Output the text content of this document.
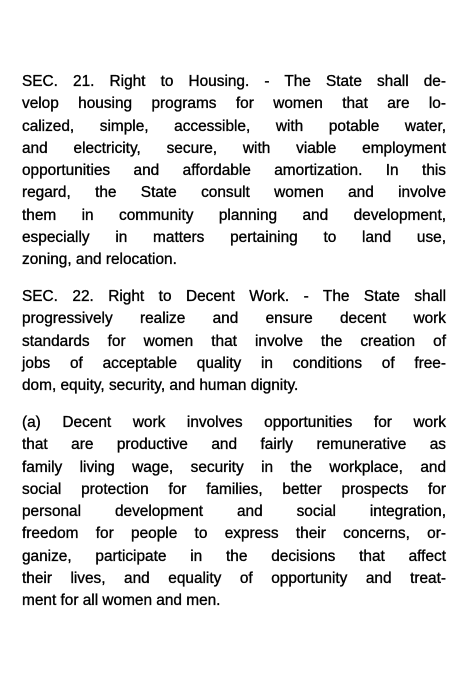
SEC. 21. Right to Housing. - The State shall de-
velop housing programs for women that are lo-
calized, simple, accessible, with potable water,
and electricity, secure, with viable employment
opportunities and affordable amortization. In this
regard, the State consult women and involve
them in community planning and development,
especially in matters pertaining to land use,
zoning, and relocation.
SEC. 22. Right to Decent Work. - The State shall
progressively realize and ensure decent work
standards for women that involve the creation of
jobs of acceptable quality in conditions of free-
dom, equity, security, and human dignity.
(a) Decent work involves opportunities for work
that are productive and fairly remunerative as
family living wage, security in the workplace, and
social protection for families, better prospects for
personal development and social integration,
freedom for people to express their concerns, or-
ganize, participate in the decisions that affect
their lives, and equality of opportunity and treat-
ment for all women and men.
